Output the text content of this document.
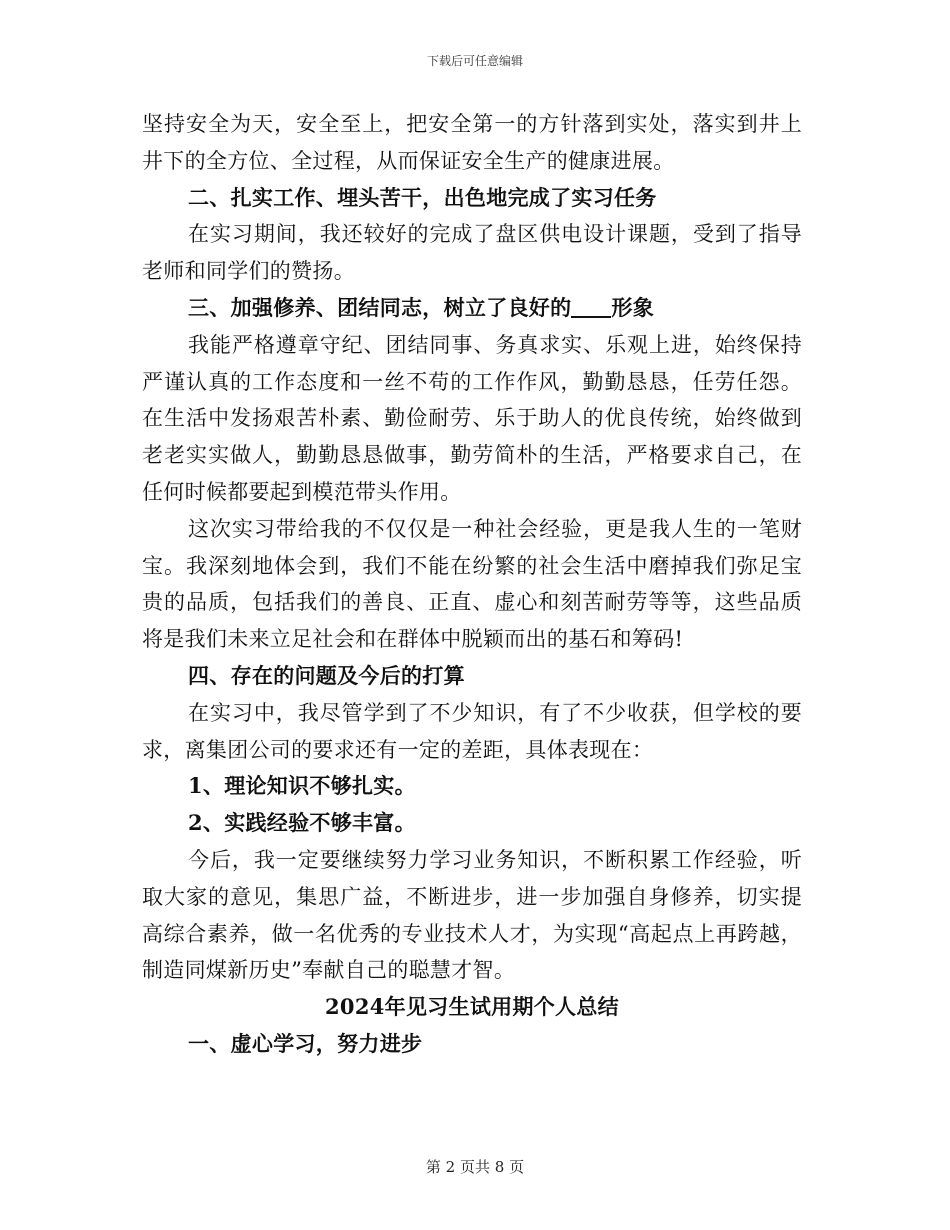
下载后可任意编辑

坚持安全为天，安全至上，把安全第一的方针落到实处，落实到井上井下的全方位、全过程，从而保证安全生产的健康进展。

二、扎实工作、埋头苦干，出色地完成了实习任务

在实习期间，我还较好的完成了盘区供电设计课题，受到了指导老师和同学们的赞扬。

三、加强修养、团结同志，树立了良好的 形象

我能严格遵章守纪、团结同事、务真求实、乐观上进，始终保持严谨认真的工作态度和一丝不苟的工作作风，勤勤恳恳，任劳任怨。在生活中发扬艰苦朴素、勤俭耐劳、乐于助人的优良传统，始终做到老老实实做人，勤勤恳恳做事，勤劳简朴的生活，严格要求自己，在任何时候都要起到模范带头作用。

这次实习带给我的不仅仅是一种社会经验，更是我人生的一笔财宝。我深刻地体会到，我们不能在纷繁的社会生活中磨掉我们弥足宝贵的品质，包括我们的善良、正直、虚心和刻苦耐劳等等，这些品质将是我们未来立足社会和在群体中脱颖而出的基石和筹码!

四、存在的问题及今后的打算

在实习中，我尽管学到了不少知识，有了不少收获，但学校的要求，离集团公司的要求还有一定的差距，具体表现在：

1、理论知识不够扎实。

2、实践经验不够丰富。

今后，我一定要继续努力学习业务知识，不断积累工作经验，听取大家的意见，集思广益，不断进步，进一步加强自身修养，切实提高综合素养，做一名优秀的专业技术人才，为实现“高起点上再跨越，制造同煤新历史”奉献自己的聪慧才智。

2024年见习生试用期个人总结

一、虚心学习，努力进步

第 2 页共 8 页
